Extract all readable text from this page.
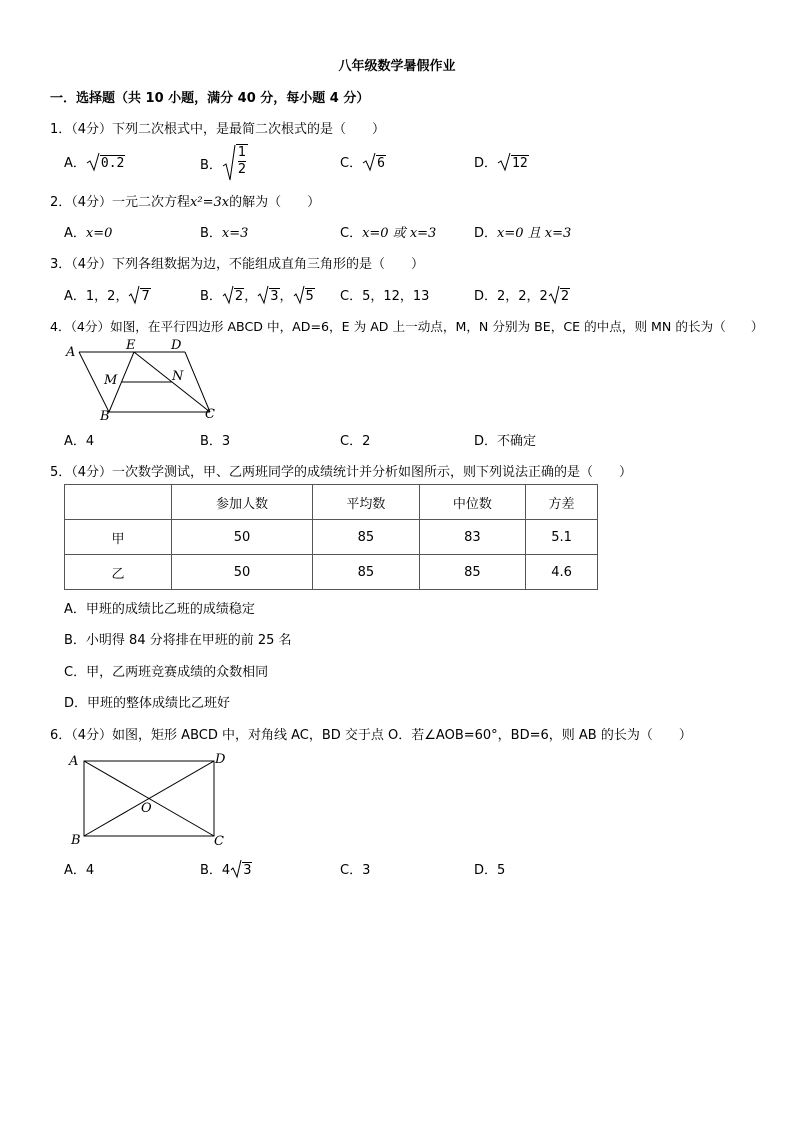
八年级数学暑假作业
一．选择题（共 10 小题，满分 40 分，每小题 4 分）
1．（4分）下列二次根式中，是最简二次根式的是（　　）
A． 0.2	B． $\frac{1}{2}$	C． 6	D． 12
2．（4分）一元二次方程x²=3x的解为（　　）
A．x=0	B．x=3	C．x=0 或 x=3	D．x=0 且 x=3
3．（4分）下列各组数据为边，不能组成直角三角形的是（　　）
A．1，2， 7	B． 2， 3， 5 C．5，12，13	D．2，2，2 2
4．（4分）如图，在平行四边形 ABCD 中，AD=6，E 为 AD 上一动点，M，N 分别为 BE，CE 的中点，则 MN 的长为（　　）
A	E	D
M	N
B	C
A．4	B．3	C．2	D．不确定
5．（4分）一次数学测试，甲、乙两班同学的成绩统计并分析如图所示，则下列说法正确的是（　　）
	参加人数	平均数	中位数	方差
甲	50	85	83	5.1
乙	50	85	85	4.6
A．甲班的成绩比乙班的成绩稳定
B．小明得 84 分将排在甲班的前 25 名
C．甲，乙两班竞赛成绩的众数相同
D．甲班的整体成绩比乙班好
6．（4分）如图，矩形 ABCD 中，对角线 AC，BD 交于点 O．若∠AOB=60°，BD=6，则 AB 的长为（　　）
A	D
O
B	C
A．4	B．4 3	C．3	D．5
